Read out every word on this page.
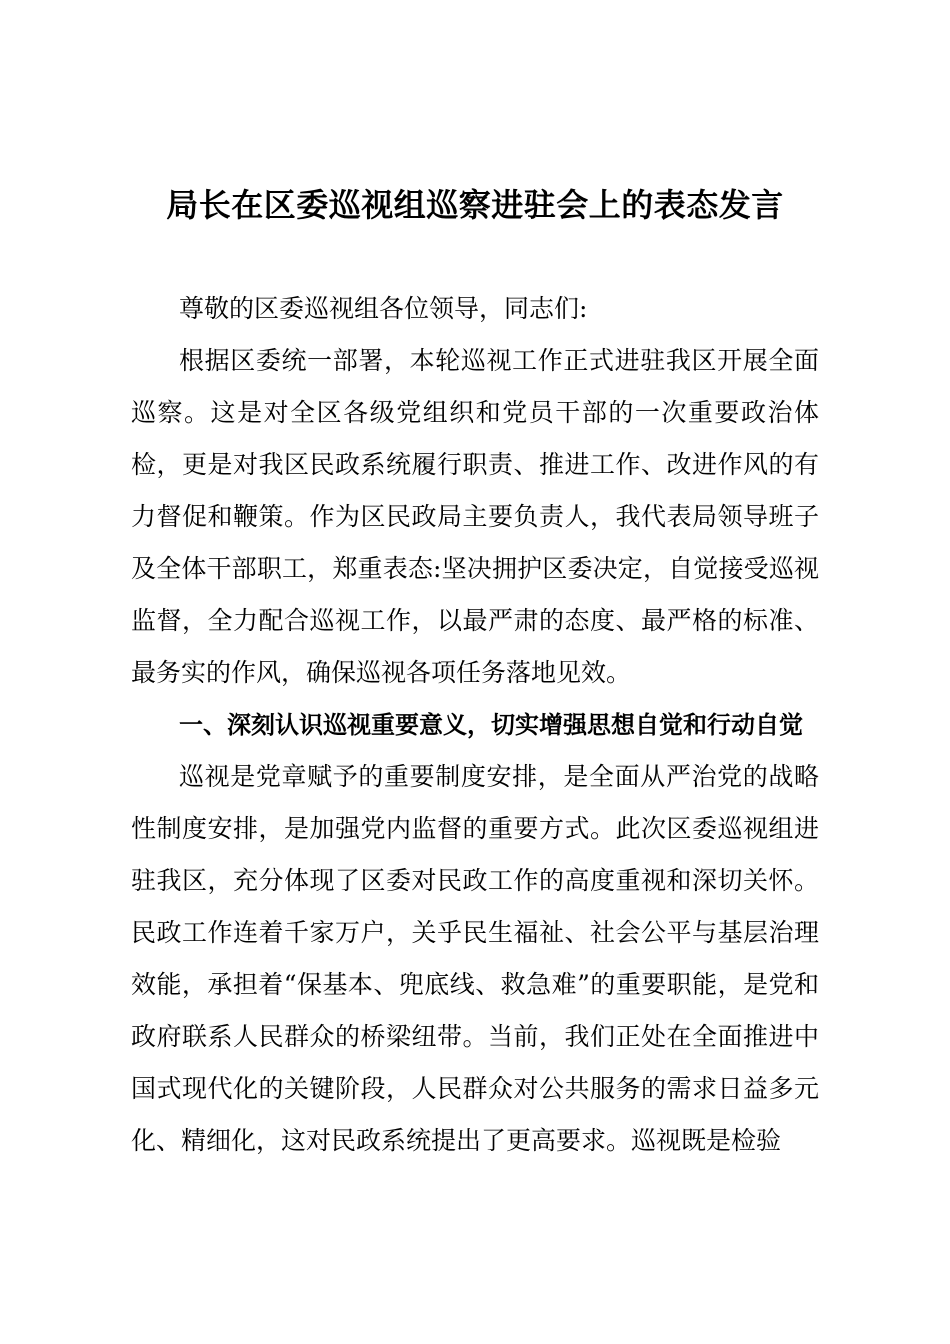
局长在区委巡视组巡察进驻会上的表态发言

尊敬的区委巡视组各位领导，同志们:

根据区委统一部署，本轮巡视工作正式进驻我区开展全面巡察。这是对全区各级党组织和党员干部的一次重要政治体检，更是对我区民政系统履行职责、推进工作、改进作风的有力督促和鞭策。作为区民政局主要负责人，我代表局领导班子及全体干部职工，郑重表态:坚决拥护区委决定，自觉接受巡视监督，全力配合巡视工作，以最严肃的态度、最严格的标准、最务实的作风，确保巡视各项任务落地见效。

一、深刻认识巡视重要意义，切实增强思想自觉和行动自觉

巡视是党章赋予的重要制度安排，是全面从严治党的战略性制度安排，是加强党内监督的重要方式。此次区委巡视组进驻我区，充分体现了区委对民政工作的高度重视和深切关怀。民政工作连着千家万户，关乎民生福祉、社会公平与基层治理效能，承担着“保基本、兜底线、救急难”的重要职能，是党和政府联系人民群众的桥梁纽带。当前，我们正处在全面推进中国式现代化的关键阶段，人民群众对公共服务的需求日益多元化、精细化，这对民政系统提出了更高要求。巡视既是检验
